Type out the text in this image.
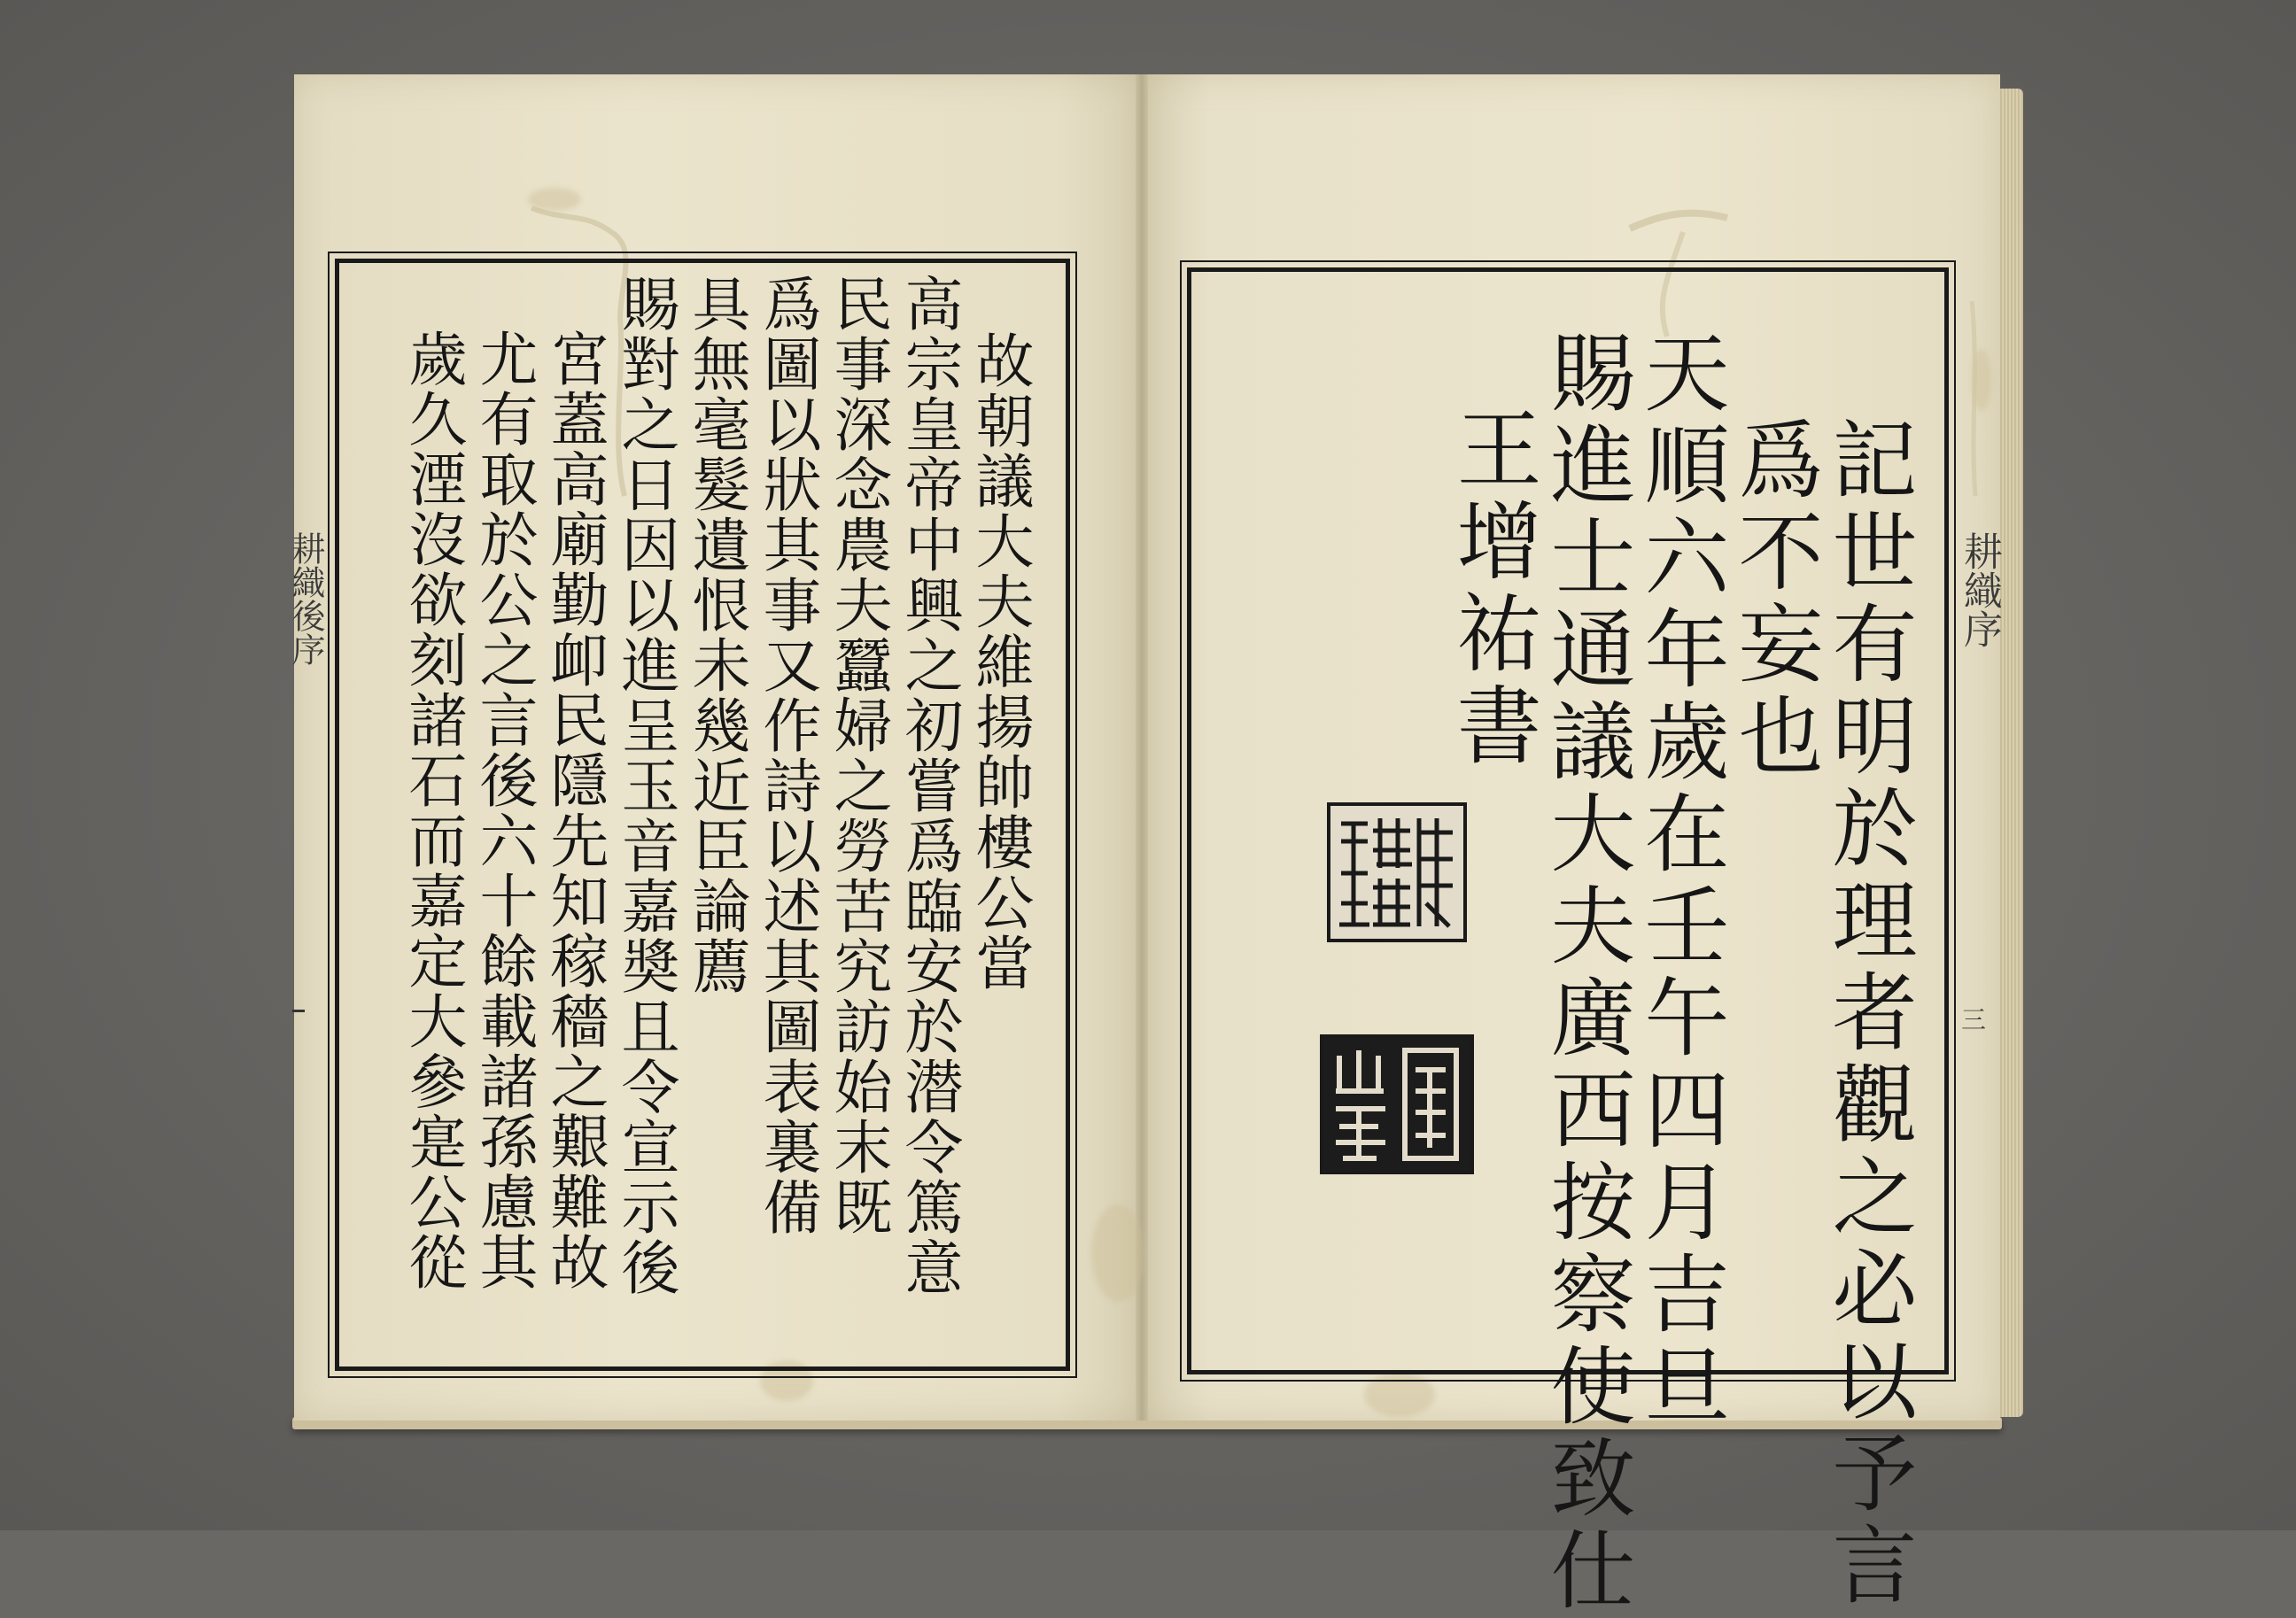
故朝議大夫維揚帥樓公當
高宗皇帝中興之初嘗爲臨安於潜令篤意
民事深念農夫蠶婦之勞苦究訪始末既
爲圖以狀其事又作詩以述其圖表裏備
具無毫髮遺恨未幾近臣論薦
賜對之日因以進呈玉音嘉奬且令宣示後
宮蓋高廟勤卹民隱先知稼穡之艱難故
尤有取於公之言後六十餘載諸孫慮其
歲久湮沒欲刻諸石而嘉定大參寔公從
耕織後序	記世有明於理者觀之必以予言
爲不妄也
天順六年歲在壬午四月吉旦
賜進士通議大夫廣西按察使致仕
王增祐書	耕織序
三
